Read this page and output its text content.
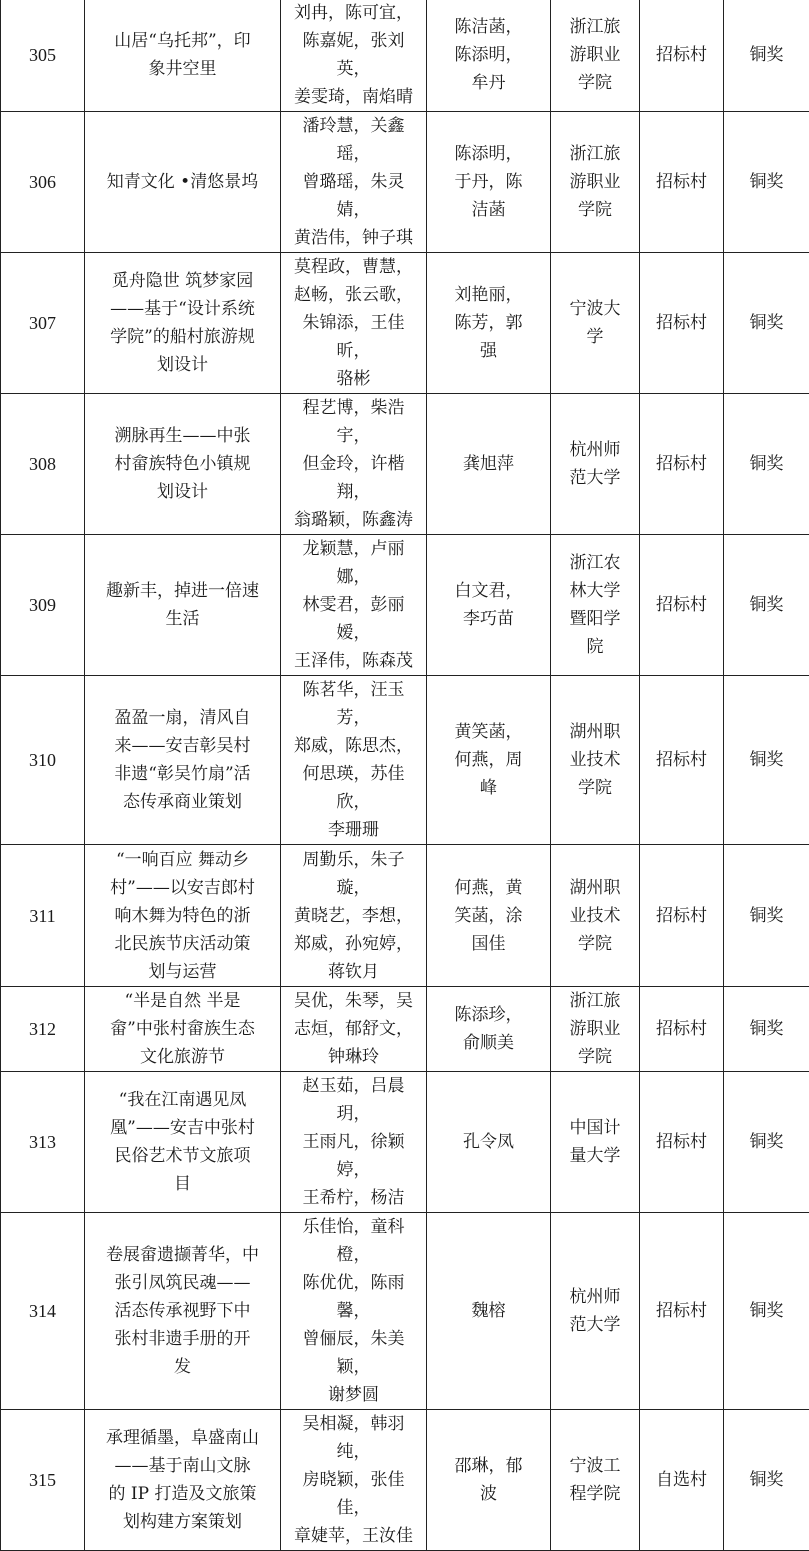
305	山居“乌托邦”，印
象井空里	刘冉，陈可宜，
陈嘉妮，张刘英，
姜雯琦，南焰晴	陈洁菡，
陈添明，
牟丹	浙江旅
游职业
学院	招标村	铜奖
306	知青文化 •清悠景坞	潘玲慧，关鑫瑶，
曾璐瑶，朱灵婧，
黄浩伟，钟子琪	陈添明，
于丹，陈
洁菡	浙江旅
游职业
学院	招标村	铜奖
307	觅舟隐世 筑梦家园
——基于“设计系统
学院”的船村旅游规
划设计	莫程政，曹慧，
赵畅，张云歌，
朱锦添，王佳昕，
骆彬	刘艳丽，
陈芳，郭
强	宁波大
学	招标村	铜奖
308	溯脉再生——中张
村畲族特色小镇规
划设计	程艺博，柴浩宇，
但金玲，许楷翔，
翁璐颖，陈鑫涛	龚旭萍	杭州师
范大学	招标村	铜奖
309	趣新丰，掉进一倍速
生活	龙颖慧，卢丽娜，
林雯君，彭丽嫒，
王泽伟，陈森茂	白文君，
李巧苗	浙江农
林大学
暨阳学
院	招标村	铜奖
310	盈盈一扇，清风自
来——安吉彰吴村
非遗“彰吴竹扇”活
态传承商业策划	陈茗华，汪玉芳，
郑威，陈思杰，
何思瑛，苏佳欣，
李珊珊	黄笑菡，
何燕，周
峰	湖州职
业技术
学院	招标村	铜奖
311	“一响百应 舞动乡
村”——以安吉郎村
响木舞为特色的浙
北民族节庆活动策
划与运营	周勤乐，朱子璇，
黄晓艺，李想，
郑威，孙宛婷，
蒋钦月	何燕，黄
笑菡，涂
国佳	湖州职
业技术
学院	招标村	铜奖
312	“半是自然 半是
畲”中张村畲族生态
文化旅游节	吴优，朱琴，吴
志烜，郁舒文，
钟琳玲	陈添珍，
俞顺美	浙江旅
游职业
学院	招标村	铜奖
313	“我在江南遇见凤
凰”——安吉中张村
民俗艺术节文旅项
目	赵玉茹，吕晨玥，
王雨凡，徐颖婷，
王希柠，杨洁	孔令凤	中国计
量大学	招标村	铜奖
314	卷展畲遗撷菁华，中
张引凤筑民魂——
活态传承视野下中
张村非遗手册的开
发	乐佳怡，童科橙，
陈优优，陈雨馨，
曾俪辰，朱美颖，
谢梦圆	魏榕	杭州师
范大学	招标村	铜奖
315	承理循墨，阜盛南山
——基于南山文脉
的 IP 打造及文旅策
划构建方案策划	吴相凝，韩羽纯，
房晓颖，张佳佳，
章婕苹，王汝佳	邵琳，郁
波	宁波工
程学院	自选村	铜奖
